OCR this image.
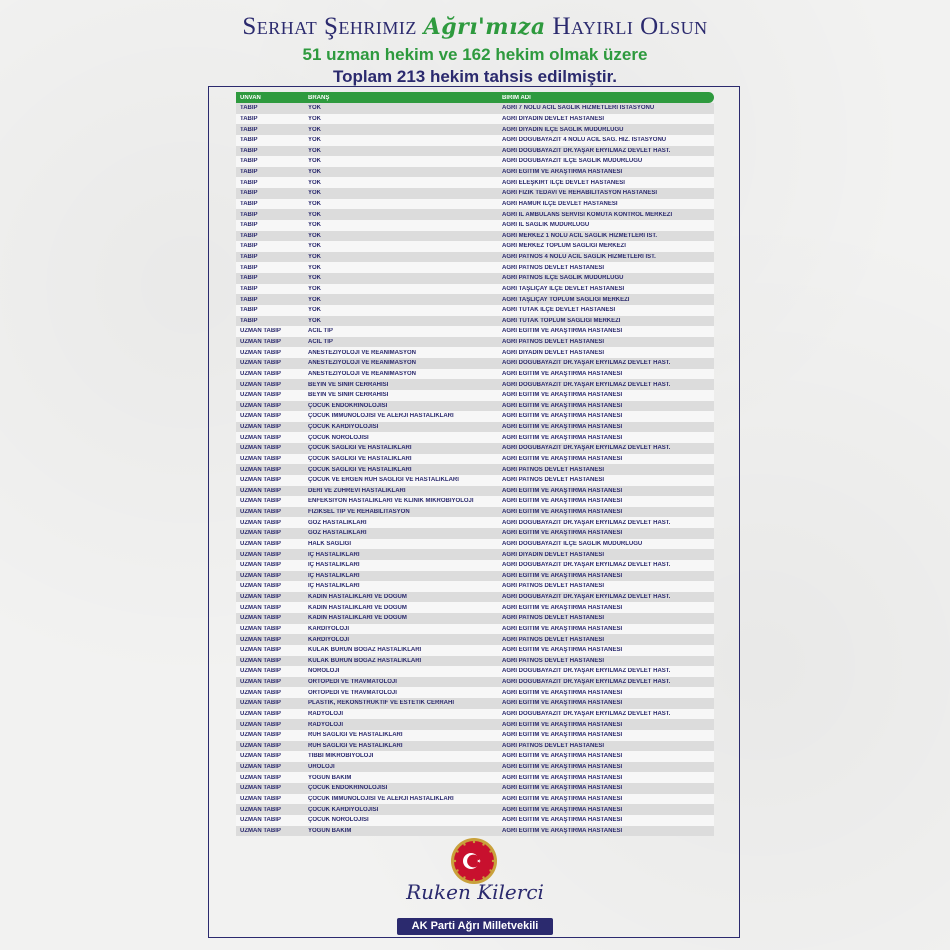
Serhat Şehrimiz Ağrı'mıza Hayırlı Olsun
51 uzman hekim ve 162 hekim olmak üzere
Toplam 213 hekim tahsis edilmiştir.
ÜNVAN	BRANŞ	BİRİM ADI
TABİP	YOK	AĞRI 7 NOLU ACİL SAĞLIK HİZMETLERİ İSTASYONU
TABİP	YOK	AĞRI DİYADİN DEVLET HASTANESİ
TABİP	YOK	AĞRI DİYADİN İLÇE SAĞLIK MÜDÜRLÜĞÜ
TABİP	YOK	AĞRI DOĞUBAYAZIT 4 NOLU ACİL SAĞ. HİZ. İSTASYONU
TABİP	YOK	AĞRI DOĞUBAYAZIT DR.YAŞAR ERYILMAZ DEVLET HAST.
TABİP	YOK	AĞRI DOĞUBAYAZIT İLÇE SAĞLIK MÜDÜRLÜĞÜ
TABİP	YOK	AĞRI EĞİTİM VE ARAŞTIRMA HASTANESİ
TABİP	YOK	AĞRI ELEŞKİRT İLÇE DEVLET HASTANESİ
TABİP	YOK	AĞRI FİZİK TEDAVİ VE REHABİLİTASYON HASTANESİ
TABİP	YOK	AĞRI HAMUR İLÇE DEVLET HASTANESİ
TABİP	YOK	AĞRI İL AMBULANS SERVİSİ KOMUTA KONTROL MERKEZİ
TABİP	YOK	AĞRI İL SAĞLIK MÜDÜRLÜĞÜ
TABİP	YOK	AĞRI MERKEZ 1 NOLU ACİL SAĞLIK HİZMETLERİ İST.
TABİP	YOK	AĞRI MERKEZ TOPLUM SAĞLIĞI MERKEZİ
TABİP	YOK	AĞRI PATNOS 4 NOLU ACİL SAĞLIK HİZMETLERİ İST.
TABİP	YOK	AĞRI PATNOS DEVLET HASTANESİ
TABİP	YOK	AĞRI PATNOS İLÇE SAĞLIK MÜDÜRLÜĞÜ
TABİP	YOK	AĞRI TAŞLIÇAY İLÇE DEVLET HASTANESİ
TABİP	YOK	AĞRI TAŞLIÇAY TOPLUM SAĞLIĞI MERKEZİ
TABİP	YOK	AĞRI TUTAK İLÇE DEVLET HASTANESİ
TABİP	YOK	AĞRI TUTAK TOPLUM SAĞLIĞI MERKEZİ
UZMAN TABİP	ACİL TIP	AĞRI EĞİTİM VE ARAŞTIRMA HASTANESİ
UZMAN TABİP	ACİL TIP	AĞRI PATNOS DEVLET HASTANESİ
UZMAN TABİP	ANESTEZİYOLOJİ VE REANİMASYON	AĞRI DİYADİN DEVLET HASTANESİ
UZMAN TABİP	ANESTEZİYOLOJİ VE REANİMASYON	AĞRI DOĞUBAYAZIT DR.YAŞAR ERYILMAZ DEVLET HAST.
UZMAN TABİP	ANESTEZİYOLOJİ VE REANİMASYON	AĞRI EĞİTİM VE ARAŞTIRMA HASTANESİ
UZMAN TABİP	BEYİN VE SİNİR CERRAHİSİ	AĞRI DOĞUBAYAZIT DR.YAŞAR ERYILMAZ DEVLET HAST.
UZMAN TABİP	BEYİN VE SİNİR CERRAHİSİ	AĞRI EĞİTİM VE ARAŞTIRMA HASTANESİ
UZMAN TABİP	ÇOCUK ENDOKRİNOLOJİSİ	AĞRI EĞİTİM VE ARAŞTIRMA HASTANESİ
UZMAN TABİP	ÇOCUK İMMÜNOLOJİSİ VE ALERJİ HASTALIKLARI	AĞRI EĞİTİM VE ARAŞTIRMA HASTANESİ
UZMAN TABİP	ÇOCUK KARDİYOLOJİSİ	AĞRI EĞİTİM VE ARAŞTIRMA HASTANESİ
UZMAN TABİP	ÇOCUK NÖROLOJİSİ	AĞRI EĞİTİM VE ARAŞTIRMA HASTANESİ
UZMAN TABİP	ÇOCUK SAĞLIĞI VE HASTALIKLARI	AĞRI DOĞUBAYAZIT DR.YAŞAR ERYILMAZ DEVLET HAST.
UZMAN TABİP	ÇOCUK SAĞLIĞI VE HASTALIKLARI	AĞRI EĞİTİM VE ARAŞTIRMA HASTANESİ
UZMAN TABİP	ÇOCUK SAĞLIĞI VE HASTALIKLARI	AĞRI PATNOS DEVLET HASTANESİ
UZMAN TABİP	ÇOCUK VE ERGEN RUH SAĞLIĞI VE HASTALIKLARI	AĞRI PATNOS DEVLET HASTANESİ
UZMAN TABİP	DERİ VE ZÜHREVİ HASTALIKLARI	AĞRI EĞİTİM VE ARAŞTIRMA HASTANESİ
UZMAN TABİP	ENFEKSİYON HASTALIKLARI VE KLİNİK MİKROBİYOLOJİ	AĞRI EĞİTİM VE ARAŞTIRMA HASTANESİ
UZMAN TABİP	FİZİKSEL TIP VE REHABİLİTASYON	AĞRI EĞİTİM VE ARAŞTIRMA HASTANESİ
UZMAN TABİP	GÖZ HASTALIKLARI	AĞRI DOĞUBAYAZIT DR.YAŞAR ERYILMAZ DEVLET HAST.
UZMAN TABİP	GÖZ HASTALIKLARI	AĞRI EĞİTİM VE ARAŞTIRMA HASTANESİ
UZMAN TABİP	HALK SAĞLIĞI	AĞRI DOĞUBAYAZIT İLÇE SAĞLIK MÜDÜRLÜĞÜ
UZMAN TABİP	İÇ HASTALIKLARI	AĞRI DİYADİN DEVLET HASTANESİ
UZMAN TABİP	İÇ HASTALIKLARI	AĞRI DOĞUBAYAZIT DR.YAŞAR ERYILMAZ DEVLET HAST.
UZMAN TABİP	İÇ HASTALIKLARI	AĞRI EĞİTİM VE ARAŞTIRMA HASTANESİ
UZMAN TABİP	İÇ HASTALIKLARI	AĞRI PATNOS DEVLET HASTANESİ
UZMAN TABİP	KADIN HASTALIKLARI VE DOĞUM	AĞRI DOĞUBAYAZIT DR.YAŞAR ERYILMAZ DEVLET HAST.
UZMAN TABİP	KADIN HASTALIKLARI VE DOĞUM	AĞRI EĞİTİM VE ARAŞTIRMA HASTANESİ
UZMAN TABİP	KADIN HASTALIKLARI VE DOĞUM	AĞRI PATNOS DEVLET HASTANESİ
UZMAN TABİP	KARDİYOLOJİ	AĞRI EĞİTİM VE ARAŞTIRMA HASTANESİ
UZMAN TABİP	KARDİYOLOJİ	AĞRI PATNOS DEVLET HASTANESİ
UZMAN TABİP	KULAK BURUN BOĞAZ HASTALIKLARI	AĞRI EĞİTİM VE ARAŞTIRMA HASTANESİ
UZMAN TABİP	KULAK BURUN BOĞAZ HASTALIKLARI	AĞRI PATNOS DEVLET HASTANESİ
UZMAN TABİP	NÖROLOJİ	AĞRI DOĞUBAYAZIT DR.YAŞAR ERYILMAZ DEVLET HAST.
UZMAN TABİP	ORTOPEDİ VE TRAVMATOLOJİ	AĞRI DOĞUBAYAZIT DR.YAŞAR ERYILMAZ DEVLET HAST.
UZMAN TABİP	ORTOPEDİ VE TRAVMATOLOJİ	AĞRI EĞİTİM VE ARAŞTIRMA HASTANESİ
UZMAN TABİP	PLASTİK, REKONSTRÜKTİF VE ESTETİK CERRAHİ	AĞRI EĞİTİM VE ARAŞTIRMA HASTANESİ
UZMAN TABİP	RADYOLOJİ	AĞRI DOĞUBAYAZIT DR.YAŞAR ERYILMAZ DEVLET HAST.
UZMAN TABİP	RADYOLOJİ	AĞRI EĞİTİM VE ARAŞTIRMA HASTANESİ
UZMAN TABİP	RUH SAĞLIĞI VE HASTALIKLARI	AĞRI EĞİTİM VE ARAŞTIRMA HASTANESİ
UZMAN TABİP	RUH SAĞLIĞI VE HASTALIKLARI	AĞRI PATNOS DEVLET HASTANESİ
UZMAN TABİP	TIBBİ MİKROBİYOLOJİ	AĞRI EĞİTİM VE ARAŞTIRMA HASTANESİ
UZMAN TABİP	ÜROLOJİ	AĞRI EĞİTİM VE ARAŞTIRMA HASTANESİ
UZMAN TABİP	YOĞUN BAKIM	AĞRI EĞİTİM VE ARAŞTIRMA HASTANESİ
UZMAN TABİP	ÇOCUK ENDOKRİNOLOJİSİ	AĞRI EĞİTİM VE ARAŞTIRMA HASTANESİ
UZMAN TABİP	ÇOCUK İMMÜNOLOJİSİ VE ALERJİ HASTALIKLARI	AĞRI EĞİTİM VE ARAŞTIRMA HASTANESİ
UZMAN TABİP	ÇOCUK KARDİYOLOJİSİ	AĞRI EĞİTİM VE ARAŞTIRMA HASTANESİ
UZMAN TABİP	ÇOCUK NÖROLOJİSİ	AĞRI EĞİTİM VE ARAŞTIRMA HASTANESİ
UZMAN TABİP	YOĞUN BAKIM	AĞRI EĞİTİM VE ARAŞTIRMA HASTANESİ
Ruken Kilerci
AK Parti Ağrı Milletvekili
